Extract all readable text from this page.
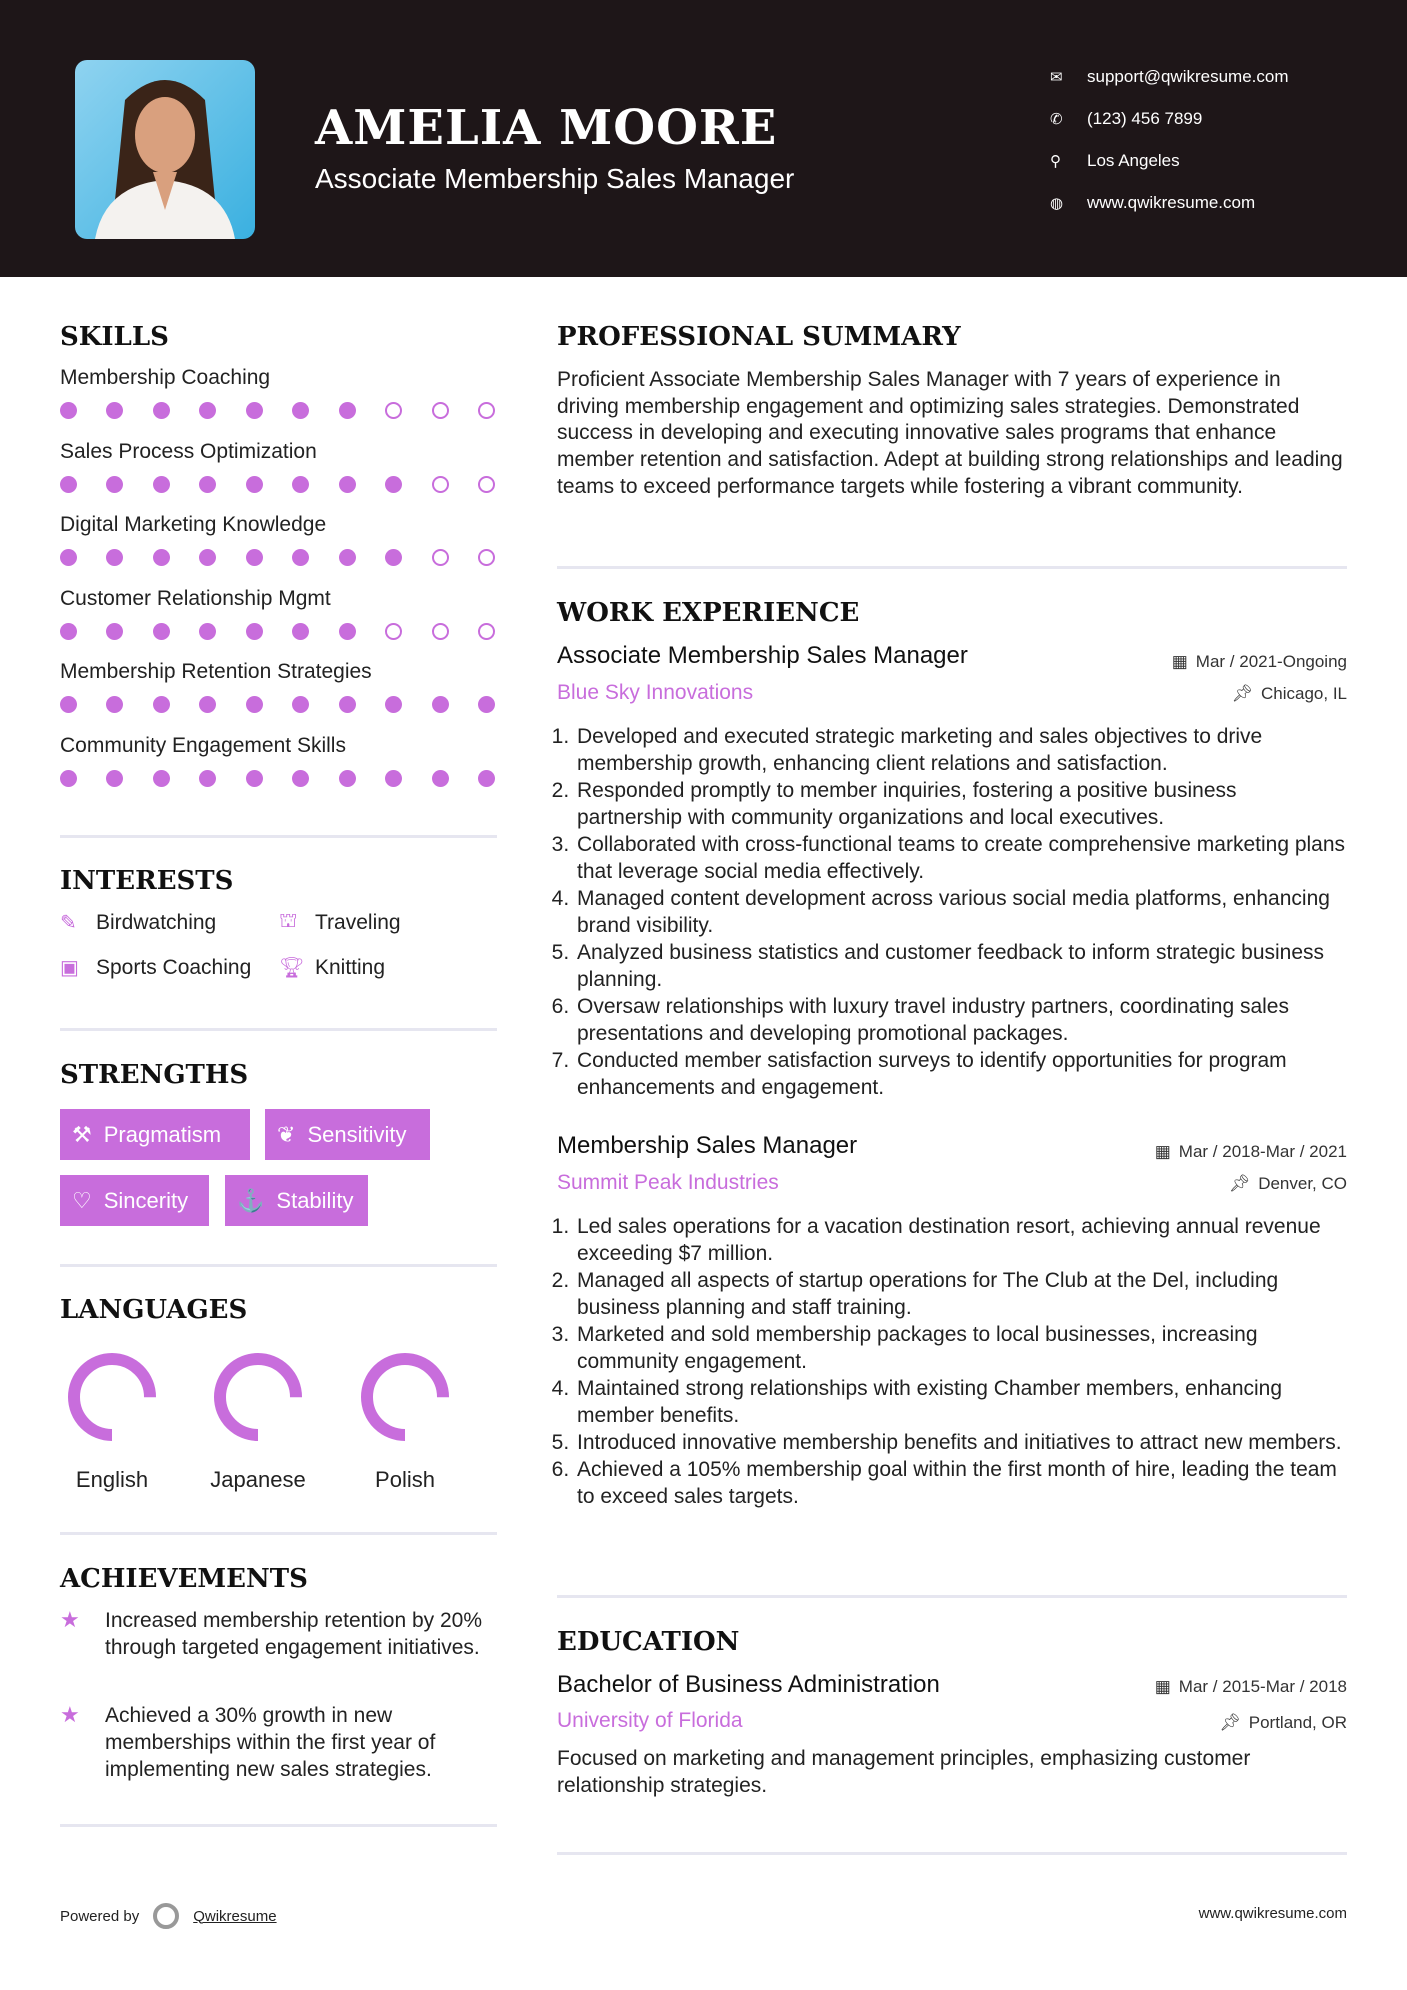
AMELIA MOORE
Associate Membership Sales Manager
✉	support@qwikresume.com
✆	(123) 456 7899
⚲	Los Angeles
◍	www.qwikresume.com
SKILLS
Membership Coaching
Sales Process Optimization
Digital Marketing Knowledge
Customer Relationship Mgmt
Membership Retention Strategies
Community Engagement Skills
INTERESTS
✎ Birdwatching	⛫ Traveling
▣ Sports Coaching 🏆︎ Knitting
STRENGTHS
⚒ Pragmatism	❦ Sensitivity
♡ Sincerity ⚓ Stability
LANGUAGES
English	Japanese	Polish
ACHIEVEMENTS
★	Increased membership retention by 20% through targeted engagement initiatives.
★	Achieved a 30% growth in new memberships within the first year of implementing new sales strategies.
Powered by	Qwikresume
PROFESSIONAL SUMMARY
Proficient Associate Membership Sales Manager with 7 years of experience in driving membership engagement and optimizing sales strategies. Demonstrated success in developing and executing innovative sales programs that enhance member retention and satisfaction. Adept at building strong relationships and leading teams to exceed performance targets while fostering a vibrant community.
WORK EXPERIENCE
Associate Membership Sales Manager	▦ Mar / 2021-Ongoing
Blue Sky Innovations	📌︎ Chicago, IL
1. Developed and executed strategic marketing and sales objectives to drive membership growth, enhancing client relations and satisfaction.
2. Responded promptly to member inquiries, fostering a positive business partnership with community organizations and local executives.
3. Collaborated with cross-functional teams to create comprehensive marketing plans that leverage social media effectively.
4. Managed content development across various social media platforms, enhancing brand visibility.
5. Analyzed business statistics and customer feedback to inform strategic business planning.
6. Oversaw relationships with luxury travel industry partners, coordinating sales presentations and developing promotional packages.
7. Conducted member satisfaction surveys to identify opportunities for program enhancements and engagement.
Membership Sales Manager	▦ Mar / 2018-Mar / 2021
Summit Peak Industries	📌︎ Denver, CO
1. Led sales operations for a vacation destination resort, achieving annual revenue exceeding $7 million.
2. Managed all aspects of startup operations for The Club at the Del, including business planning and staff training.
3. Marketed and sold membership packages to local businesses, increasing community engagement.
4. Maintained strong relationships with existing Chamber members, enhancing member benefits.
5. Introduced innovative membership benefits and initiatives to attract new members.
6. Achieved a 105% membership goal within the first month of hire, leading the team to exceed sales targets.
EDUCATION
Bachelor of Business Administration	▦ Mar / 2015-Mar / 2018
University of Florida	📌︎ Portland, OR
Focused on marketing and management principles, emphasizing customer relationship strategies.
www.qwikresume.com
